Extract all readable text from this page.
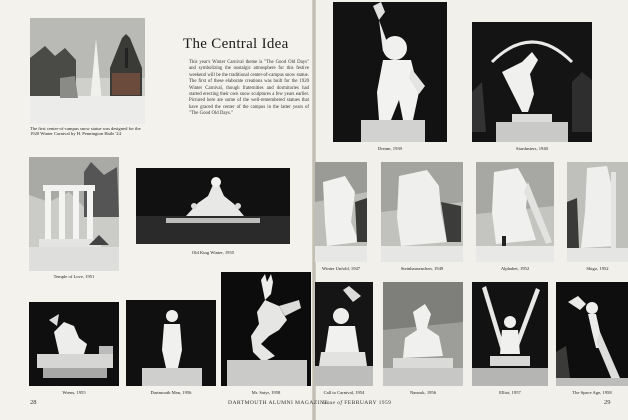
The first center-of-campus snow statue was designed for the 1920 Winter Carnival by H. Pennington Haile '24
The Central Idea
This year's Winter Carnival theme is "The Good Old Days" and symbolizing the nostalgic atmosphere for this festive weekend will be the traditional center-of-campus snow statue. The first of these elaborate creations was built for the 1920 Winter Carnival, though fraternities and dormitories had started erecting their own snow sculptures a few years earlier. Pictured here are some of the well-remembered statues that have graced the center of the campus in the latter years of "The Good Old Days."
Temple of Love, 1951
Old King Winter, 1955
Wrens, 1955	Dartmouth Man, 1956	Mr. Satyr, 1958
28	DARTMOUTH ALUMNI MAGAZINE
Dream, 1939	Stardusters, 1940
Winter Unfold, 1947	Steinhausenchen, 1949	Alphabet, 1952	Skigo, 1952
Call to Carnival, 1954	Nanook, 1956	Elliot, 1957	The Space Age, 1958
Issue of FEBRUARY 1959	29
